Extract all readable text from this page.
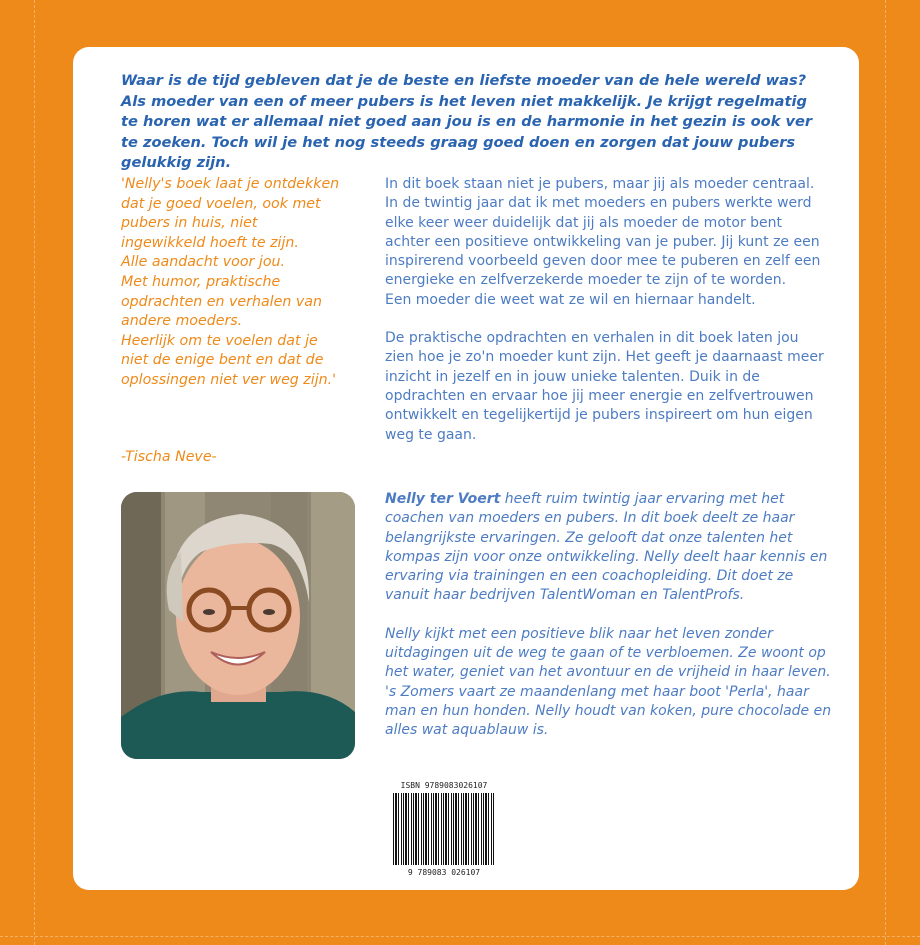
Waar is de tijd gebleven dat je de beste en liefste moeder van de hele wereld was? Als moeder van een of meer pubers is het leven niet makkelijk. Je krijgt regelmatig te horen wat er allemaal niet goed aan jou is en de harmonie in het gezin is ook ver te zoeken. Toch wil je het nog steeds graag goed doen en zorgen dat jouw pubers gelukkig zijn.

'Nelly's boek laat je ontdekken dat je goed voelen, ook met pubers in huis, niet ingewikkeld hoeft te zijn.
Alle aandacht voor jou.
Met humor, praktische opdrachten en verhalen van andere moeders.
Heerlijk om te voelen dat je niet de enige bent en dat de oplossingen niet ver weg zijn.'

-Tischa Neve-

In dit boek staan niet je pubers, maar jij als moeder centraal. In de twintig jaar dat ik met moeders en pubers werkte werd elke keer weer duidelijk dat jij als moeder de motor bent achter een positieve ontwikkeling van je puber. Jij kunt ze een inspirerend voorbeeld geven door mee te puberen en zelf een energieke en zelfverzekerde moeder te zijn of te worden.
Een moeder die weet wat ze wil en hiernaar handelt.

De praktische opdrachten en verhalen in dit boek laten jou zien hoe je zo'n moeder kunt zijn. Het geeft je daarnaast meer inzicht in jezelf en in jouw unieke talenten. Duik in de opdrachten en ervaar hoe jij meer energie en zelfvertrouwen ontwikkelt en tegelijkertijd je pubers inspireert om hun eigen weg te gaan.

Nelly ter Voert heeft ruim twintig jaar ervaring met het coachen van moeders en pubers. In dit boek deelt ze haar belangrijkste ervaringen. Ze gelooft dat onze talenten het kompas zijn voor onze ontwikkeling. Nelly deelt haar kennis en ervaring via trainingen en een coachopleiding. Dit doet ze vanuit haar bedrijven TalentWoman en TalentProfs.

Nelly kijkt met een positieve blik naar het leven zonder uitdagingen uit de weg te gaan of te verbloemen. Ze woont op het water, geniet van het avontuur en de vrijheid in haar leven. 's Zomers vaart ze maandenlang met haar boot 'Perla', haar man en hun honden. Nelly houdt van koken, pure chocolade en alles wat aquablauw is.

ISBN 9789083026107
9 789083 026107
